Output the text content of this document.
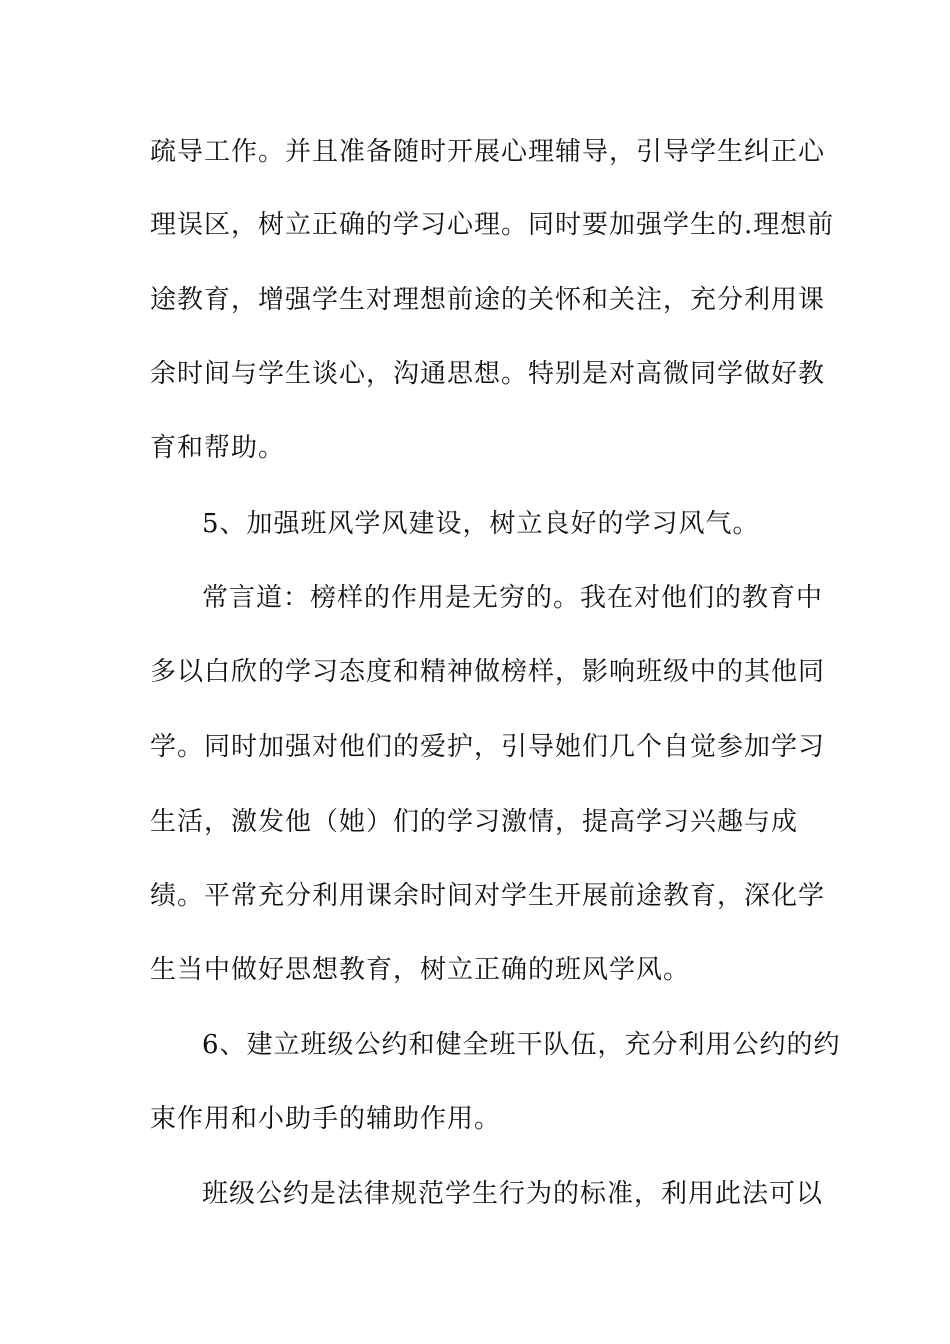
疏导工作。并且准备随时开展心理辅导，引导学生纠正心
理误区，树立正确的学习心理。同时要加强学生的.理想前
途教育，增强学生对理想前途的关怀和关注，充分利用课
余时间与学生谈心，沟通思想。特别是对高微同学做好教
育和帮助。
5、加强班风学风建设，树立良好的学习风气。
常言道：榜样的作用是无穷的。我在对他们的教育中
多以白欣的学习态度和精神做榜样，影响班级中的其他同
学。同时加强对他们的爱护，引导她们几个自觉参加学习
生活，激发他（她）们的学习激情，提高学习兴趣与成
绩。平常充分利用课余时间对学生开展前途教育，深化学
生当中做好思想教育，树立正确的班风学风。
6、建立班级公约和健全班干队伍，充分利用公约的约
束作用和小助手的辅助作用。
班级公约是法律规范学生行为的标准，利用此法可以
